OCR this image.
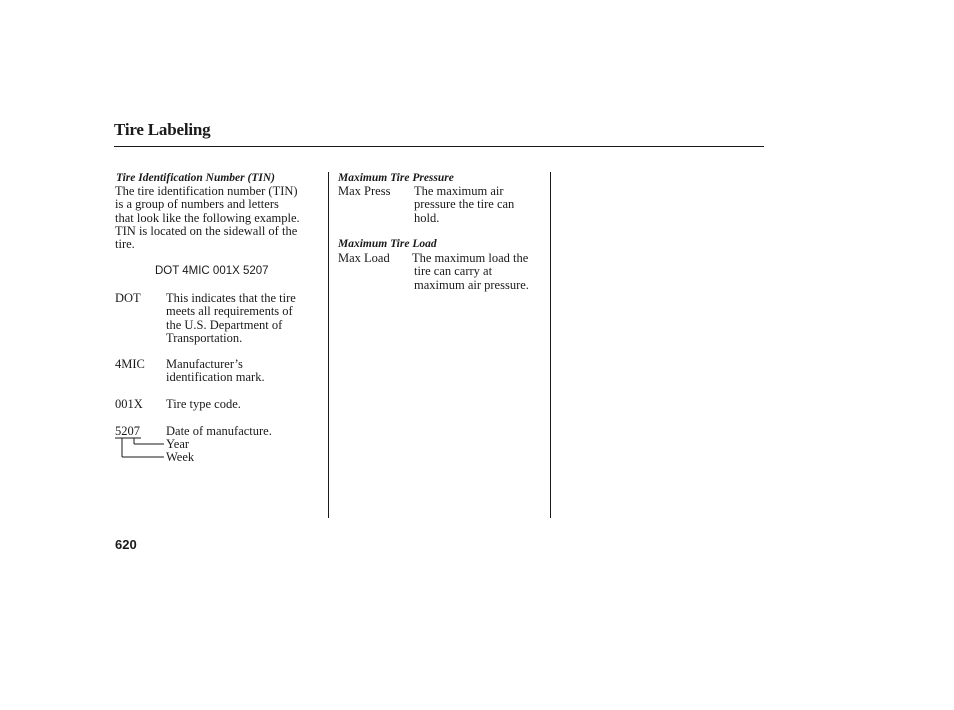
Tire Labeling
Tire Identification Number (TIN)
The tire identification number (TIN)
is a group of numbers and letters
that look like the following example.
TIN is located on the sidewall of the
tire.
DOT 4MIC 001X 5207
DOT This indicates that the tire
meets all requirements of
the U.S. Department of
Transportation.
4MIC Manufacturer’s
identification mark.
001X Tire type code.
5207 Date of manufacture.
Year
Week
Maximum Tire Pressure
Max Press The maximum air
pressure the tire can
hold.
Maximum Tire Load
Max Load The maximum load the
tire can carry at
maximum air pressure.
620
